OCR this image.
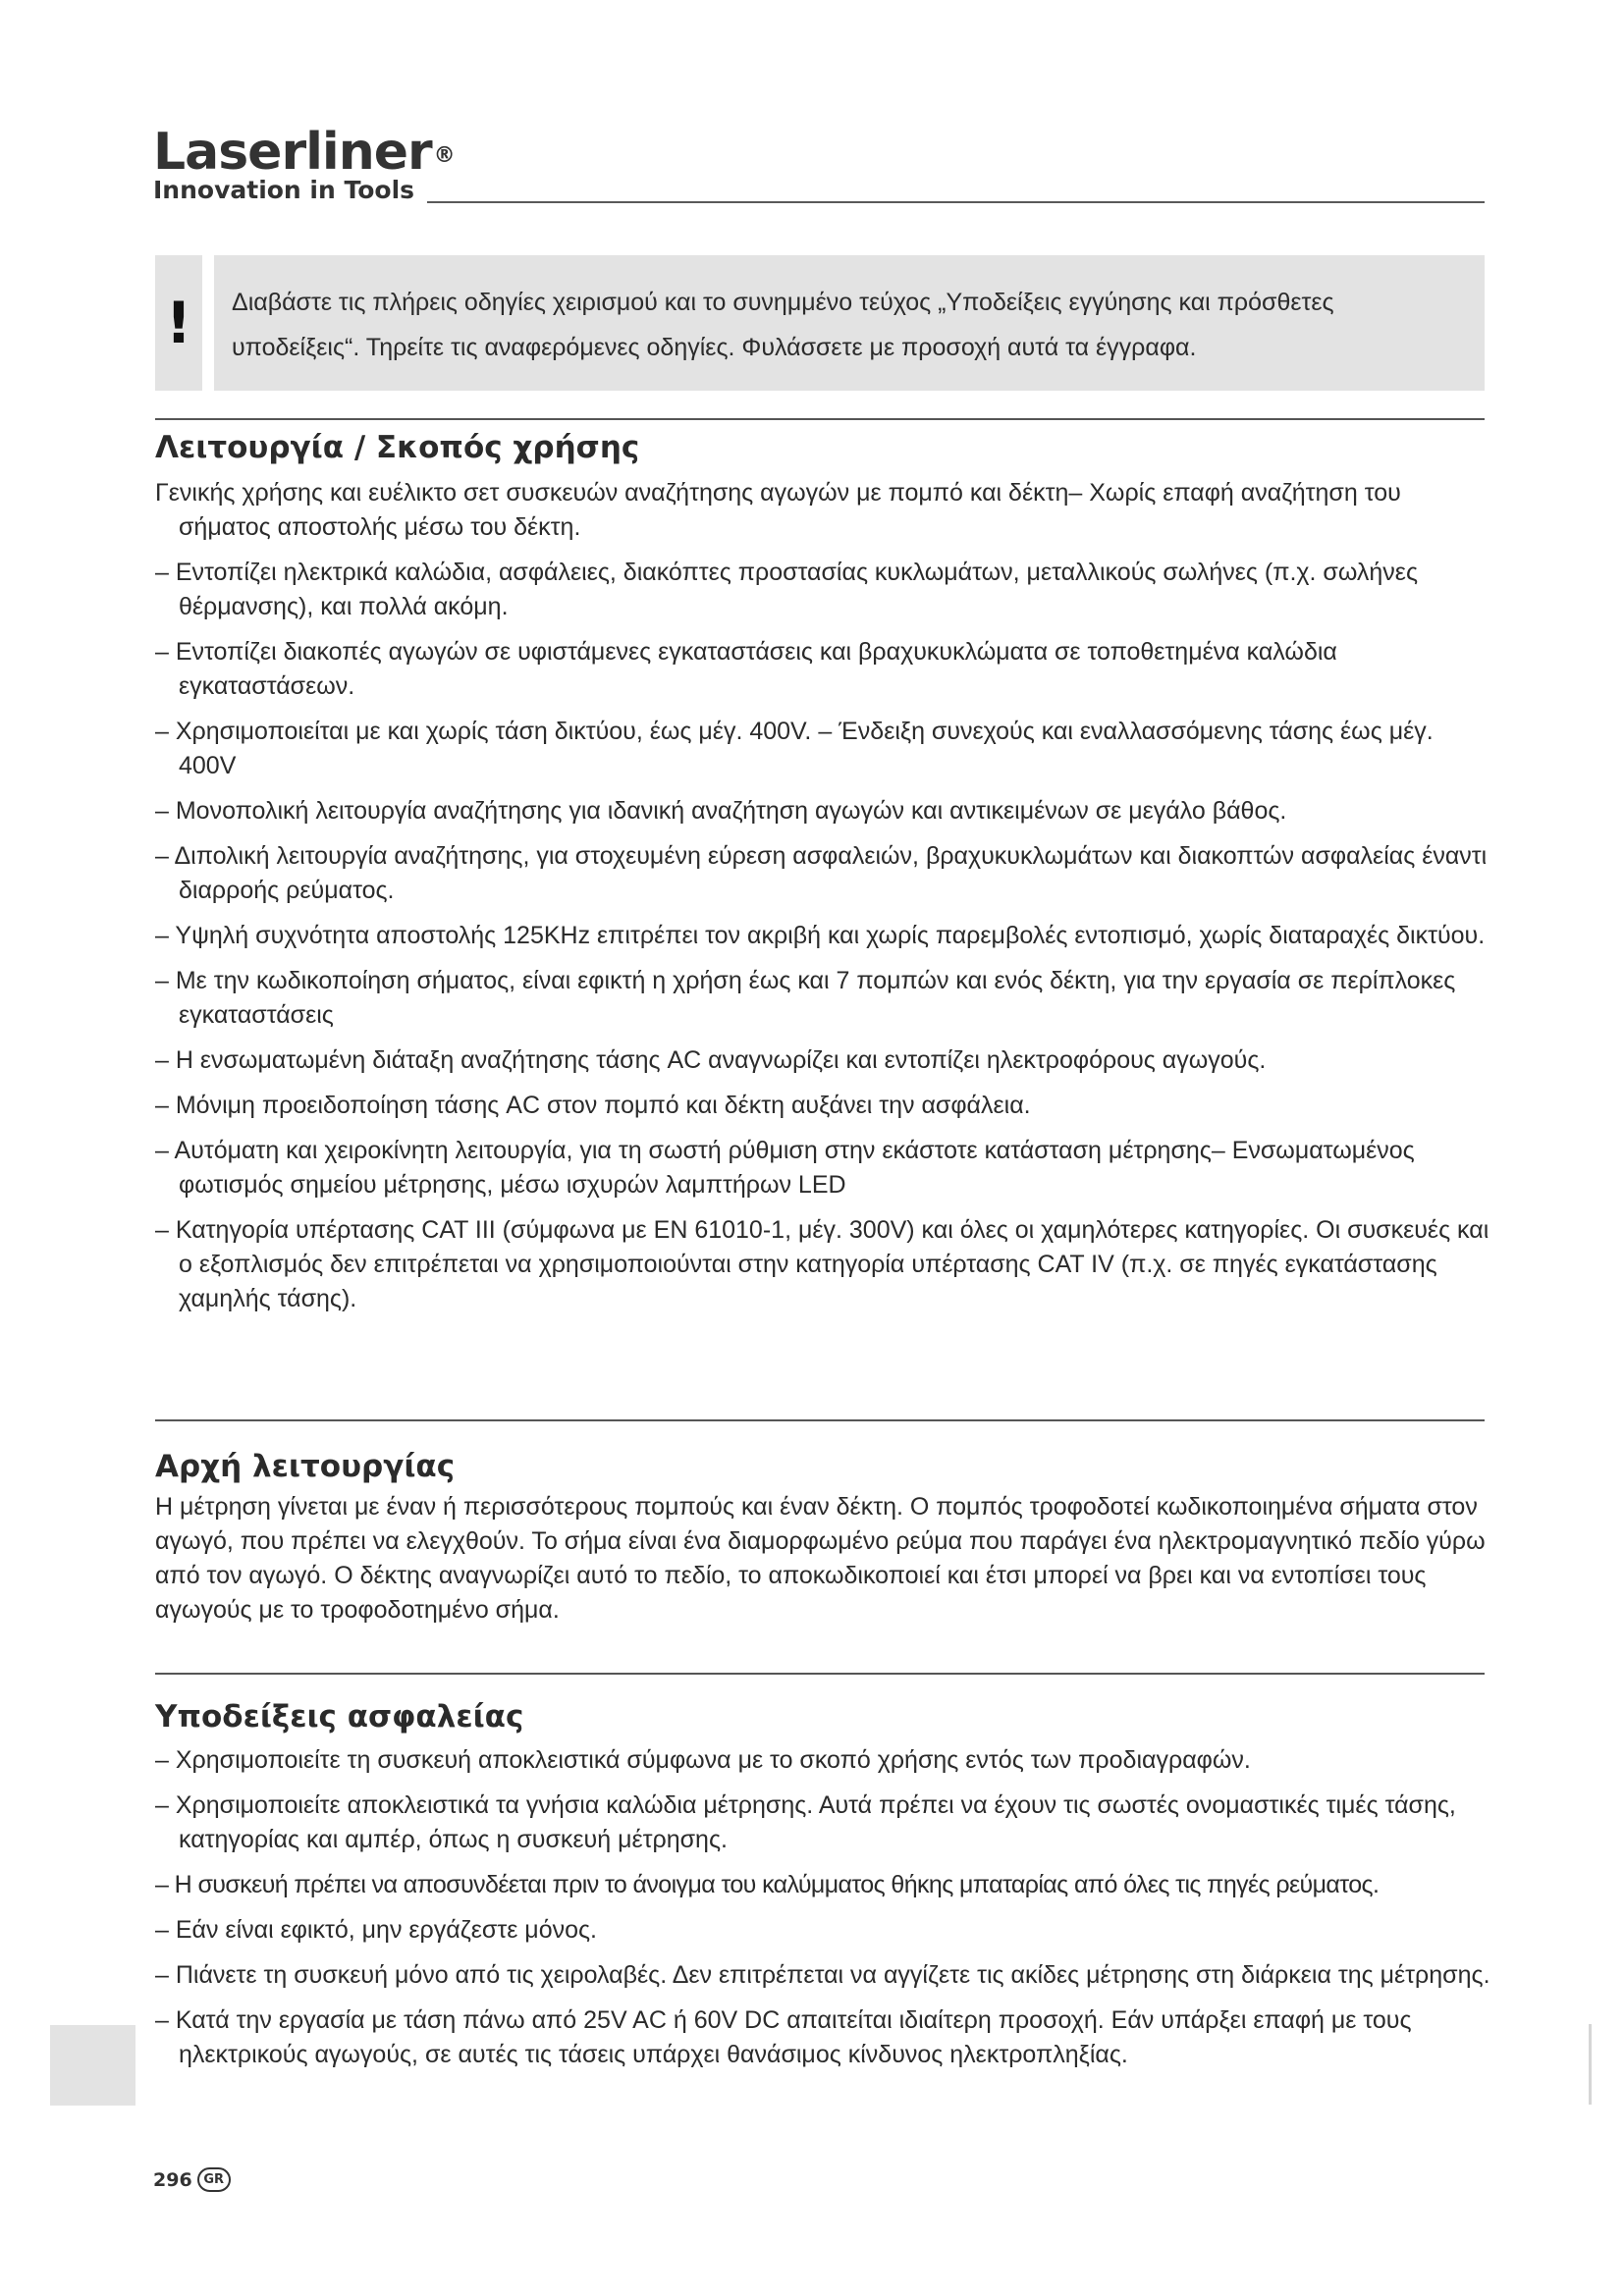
Laserliner®
Innovation in Tools
!	Διαβάστε τις πλήρεις οδηγίες χειρισμού και το συνημμένο τεύχος „Υποδείξεις εγγύησης και πρόσθετες υποδείξεις“. Τηρείτε τις αναφερόμενες οδηγίες. Φυλάσσετε με προσοχή αυτά τα έγγραφα.
Λειτουργία / Σκοπός χρήσης

Γενικής χρήσης και ευέλικτο σετ συσκευών αναζήτησης αγωγών με πομπό και δέκτη– Χωρίς επαφή αναζήτηση του σήματος αποστολής μέσω του δέκτη.

– Εντοπίζει ηλεκτρικά καλώδια, ασφάλειες, διακόπτες προστασίας κυκλωμάτων, μεταλλικούς σωλήνες (π.χ. σωλήνες θέρμανσης), και πολλά ακόμη.
– Εντοπίζει διακοπές αγωγών σε υφιστάμενες εγκαταστάσεις και βραχυκυκλώματα σε τοποθετημένα καλώδια εγκαταστάσεων.
– Χρησιμοποιείται με και χωρίς τάση δικτύου, έως μέγ. 400V. – Ένδειξη συνεχούς και εναλλασσόμενης τάσης έως μέγ. 400V
– Μονοπολική λειτουργία αναζήτησης για ιδανική αναζήτηση αγωγών και αντικειμένων σε μεγάλο βάθος.
– Διπολική λειτουργία αναζήτησης, για στοχευμένη εύρεση ασφαλειών, βραχυκυκλωμάτων και διακοπτών ασφαλείας έναντι διαρροής ρεύματος.
– Υψηλή συχνότητα αποστολής 125KHz επιτρέπει τον ακριβή και χωρίς παρεμβολές εντοπισμό, χωρίς διαταραχές δικτύου.
– Με την κωδικοποίηση σήματος, είναι εφικτή η χρήση έως και 7 πομπών και ενός δέκτη, για την εργασία σε περίπλοκες εγκαταστάσεις
– Η ενσωματωμένη διάταξη αναζήτησης τάσης AC αναγνωρίζει και εντοπίζει ηλεκτροφόρους αγωγούς.
– Μόνιμη προειδοποίηση τάσης AC στον πομπό και δέκτη αυξάνει την ασφάλεια.
– Αυτόματη και χειροκίνητη λειτουργία, για τη σωστή ρύθμιση στην εκάστοτε κατάσταση μέτρησης– Ενσωματωμένος φωτισμός σημείου μέτρησης, μέσω ισχυρών λαμπτήρων LED
– Κατηγορία υπέρτασης CAT III (σύμφωνα με EN 61010-1, μέγ. 300V) και όλες οι χαμηλότερες κατηγορίες. Οι συσκευές και ο εξοπλισμός δεν επιτρέπεται να χρησιμοποιούνται στην κατηγορία υπέρτασης CAT IV (π.χ. σε πηγές εγκατάστασης χαμηλής τάσης).
Αρχή λειτουργίας

Η μέτρηση γίνεται με έναν ή περισσότερους πομπούς και έναν δέκτη. Ο πομπός τροφοδοτεί κωδικοποιημένα σήματα στον αγωγό, που πρέπει να ελεγχθούν. Το σήμα είναι ένα διαμορφωμένο ρεύμα που παράγει ένα ηλεκτρομαγνητικό πεδίο γύρω από τον αγωγό. Ο δέκτης αναγνωρίζει αυτό το πεδίο, το αποκωδικοποιεί και έτσι μπορεί να βρει και να εντοπίσει τους αγωγούς με το τροφοδοτημένο σήμα.

Υποδείξεις ασφαλείας
– Χρησιμοποιείτε τη συσκευή αποκλειστικά σύμφωνα με το σκοπό χρήσης εντός των προδιαγραφών.
– Χρησιμοποιείτε αποκλειστικά τα γνήσια καλώδια μέτρησης. Αυτά πρέπει να έχουν τις σωστές ονομαστικές τιμές τάσης, κατηγορίας και αμπέρ, όπως η συσκευή μέτρησης.
– Η συσκευή πρέπει να αποσυνδέεται πριν το άνοιγμα του καλύμματος θήκης μπαταρίας από όλες τις πηγές ρεύματος.
– Εάν είναι εφικτό, μην εργάζεστε μόνος.
– Πιάνετε τη συσκευή μόνο από τις χειρολαβές. Δεν επιτρέπεται να αγγίζετε τις ακίδες μέτρησης στη διάρκεια της μέτρησης.
– Κατά την εργασία με τάση πάνω από 25V AC ή 60V DC απαιτείται ιδιαίτερη προσοχή. Εάν υπάρξει επαφή με τους ηλεκτρικούς αγωγούς, σε αυτές τις τάσεις υπάρχει θανάσιμος κίνδυνος ηλεκτροπληξίας.
296 GR
